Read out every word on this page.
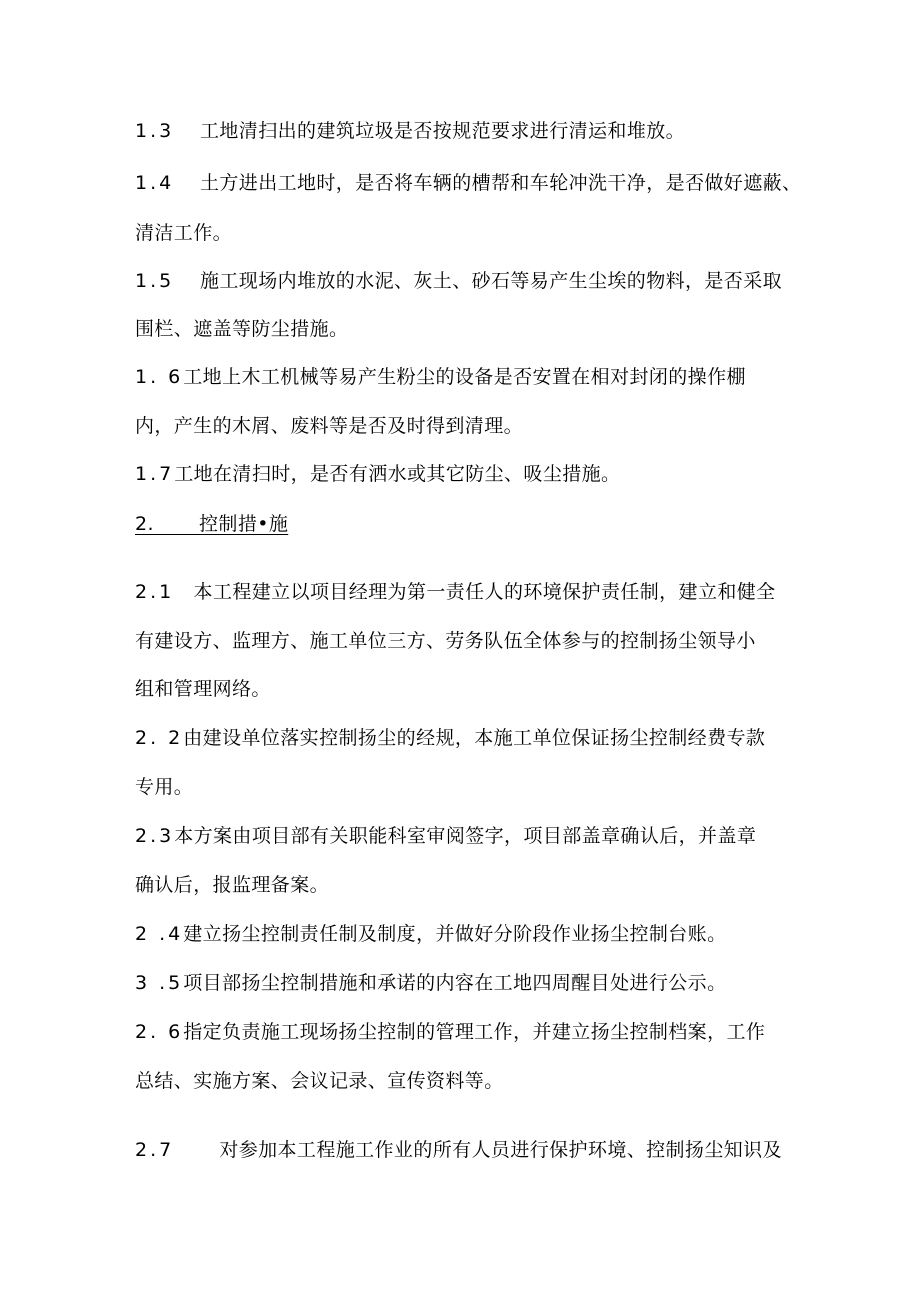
1.3 工地清扫出的建筑垃圾是否按规范要求进行清运和堆放。
1.4 土方进出工地时，是否将车辆的槽帮和车轮冲洗干净，是否做好遮蔽、
清洁工作。
1.5 施工现场内堆放的水泥、灰土、砂石等易产生尘埃的物料，是否采取
围栏、遮盖等防尘措施。
1. 6工地上木工机械等易产生粉尘的设备是否安置在相对封闭的操作棚
内，产生的木屑、废料等是否及时得到清理。
1.7工地在清扫时，是否有洒水或其它防尘、吸尘措施。
2. 控制措•施
2.1 本工程建立以项目经理为第一责任人的环境保护责任制，建立和健全
有建设方、监理方、施工单位三方、劳务队伍全体参与的控制扬尘领导小
组和管理网络。
2. 2由建设单位落实控制扬尘的经规，本施工单位保证扬尘控制经费专款
专用。
2.3本方案由项目部有关职能科室审阅签字，项目部盖章确认后，并盖章
确认后，报监理备案。
2 .4建立扬尘控制责任制及制度，并做好分阶段作业扬尘控制台账。
3 .5项目部扬尘控制措施和承诺的内容在工地四周醒目处进行公示。
2. 6指定负责施工现场扬尘控制的管理工作，并建立扬尘控制档案，工作
总结、实施方案、会议记录、宣传资料等。
2.7 对参加本工程施工作业的所有人员进行保护环境、控制扬尘知识及
